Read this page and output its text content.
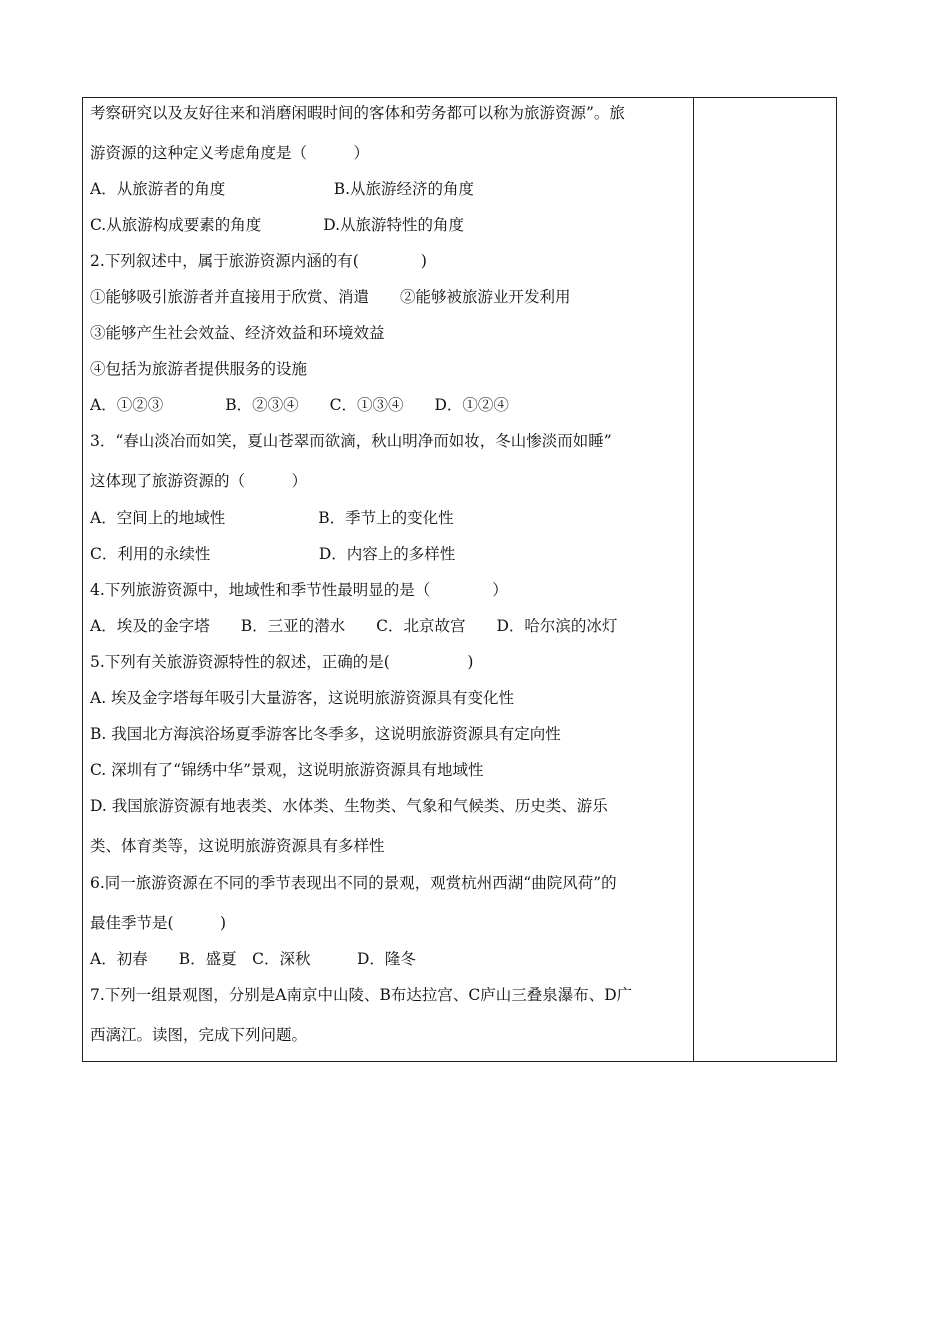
考察研究以及友好往来和消磨闲暇时间的客体和劳务都可以称为旅游资源”。旅
游资源的这种定义考虑角度是（　　　）
A．从旅游者的角度　　　　　　　B.从旅游经济的角度
C.从旅游构成要素的角度　　　　D.从旅游特性的角度
2.下列叙述中，属于旅游资源内涵的有(　　　　)
①能够吸引旅游者并直接用于欣赏、消遣　　②能够被旅游业开发利用
③能够产生社会效益、经济效益和环境效益
④包括为旅游者提供服务的设施
A．①②③　　　　B．②③④　　C．①③④　　D．①②④
3．“春山淡冶而如笑，夏山苍翠而欲滴，秋山明净而如妆，冬山惨淡而如睡”
这体现了旅游资源的（　　　）
A．空间上的地域性　　　　　　B．季节上的变化性
C．利用的永续性　　　　　　　D．内容上的多样性
4.下列旅游资源中，地域性和季节性最明显的是（　　　　）
A．埃及的金字塔　　B．三亚的潜水　　C．北京故宫　　D．哈尔滨的冰灯
5.下列有关旅游资源特性的叙述，正确的是(　　　　　)
A. 埃及金字塔每年吸引大量游客，这说明旅游资源具有变化性
B. 我国北方海滨浴场夏季游客比冬季多，这说明旅游资源具有定向性
C. 深圳有了“锦绣中华”景观，这说明旅游资源具有地域性
D. 我国旅游资源有地表类、水体类、生物类、气象和气候类、历史类、游乐
类、体育类等，这说明旅游资源具有多样性
6.同一旅游资源在不同的季节表现出不同的景观，观赏杭州西湖“曲院风荷”的
最佳季节是(　　　)
A．初春　　B．盛夏　C．深秋　　　D．隆冬
7.下列一组景观图，分别是A南京中山陵、B布达拉宫、C庐山三叠泉瀑布、D广
西漓江。读图，完成下列问题。
